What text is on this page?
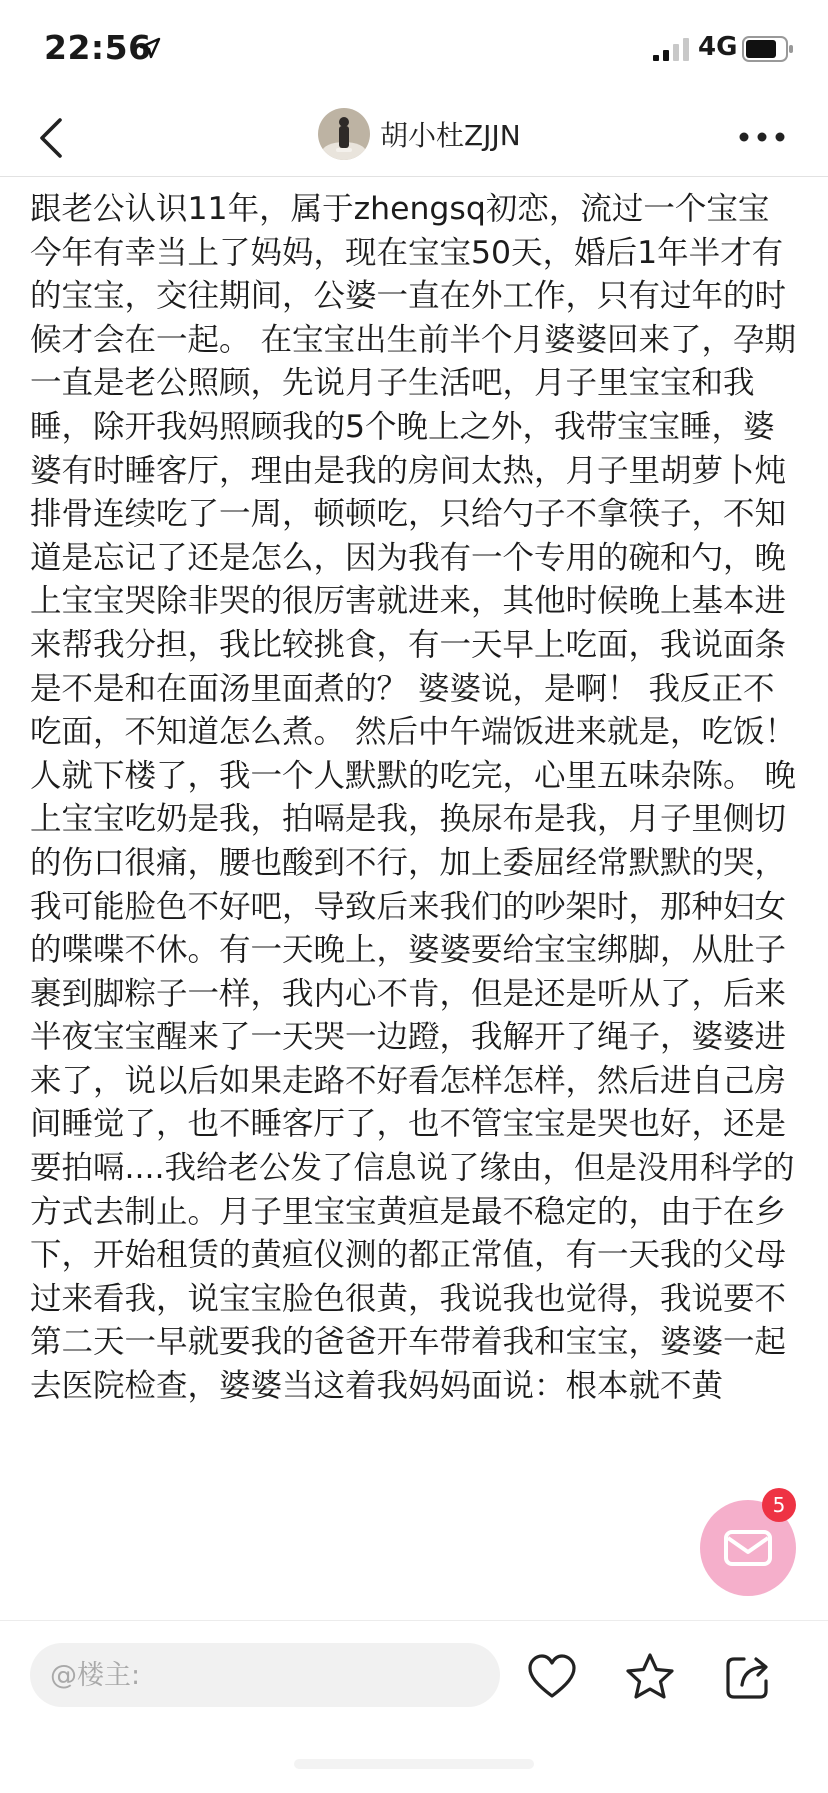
22:56	4G
胡小杜ZJJN
跟老公认识11年，属于zhengsq初恋，流过一个宝宝今年有幸当上了妈妈，现在宝宝50天，婚后1年半才有的宝宝，交往期间，公婆一直在外工作，只有过年的时候才会在一起。 在宝宝出生前半个月婆婆回来了，孕期一直是老公照顾，先说月子生活吧，月子里宝宝和我睡，除开我妈照顾我的5个晚上之外，我带宝宝睡，婆婆有时睡客厅，理由是我的房间太热，月子里胡萝卜炖排骨连续吃了一周，顿顿吃，只给勺子不拿筷子，不知道是忘记了还是怎么，因为我有一个专用的碗和勺，晚上宝宝哭除非哭的很厉害就进来，其他时候晚上基本进来帮我分担，我比较挑食，有一天早上吃面，我说面条是不是和在面汤里面煮的？ 婆婆说，是啊！ 我反正不吃面，不知道怎么煮。 然后中午端饭进来就是，吃饭！人就下楼了，我一个人默默的吃完，心里五味杂陈。 晚上宝宝吃奶是我，拍嗝是我，换尿布是我，月子里侧切的伤口很痛，腰也酸到不行，加上委屈经常默默的哭，我可能脸色不好吧，导致后来我们的吵架时，那种妇女的喋喋不休。有一天晚上，婆婆要给宝宝绑脚，从肚子裹到脚粽子一样，我内心不肯，但是还是听从了，后来半夜宝宝醒来了一天哭一边蹬，我解开了绳子，婆婆进来了，说以后如果走路不好看怎样怎样，然后进自己房间睡觉了，也不睡客厅了，也不管宝宝是哭也好，还是要拍嗝....我给老公发了信息说了缘由，但是没用科学的方式去制止。月子里宝宝黄疸是最不稳定的，由于在乡下，开始租赁的黄疸仪测的都正常值，有一天我的父母过来看我，说宝宝脸色很黄，我说我也觉得，我说要不第二天一早就要我的爸爸开车带着我和宝宝，婆婆一起去医院检查，婆婆当这着我妈妈面说：根本就不黄
5
@楼主:
